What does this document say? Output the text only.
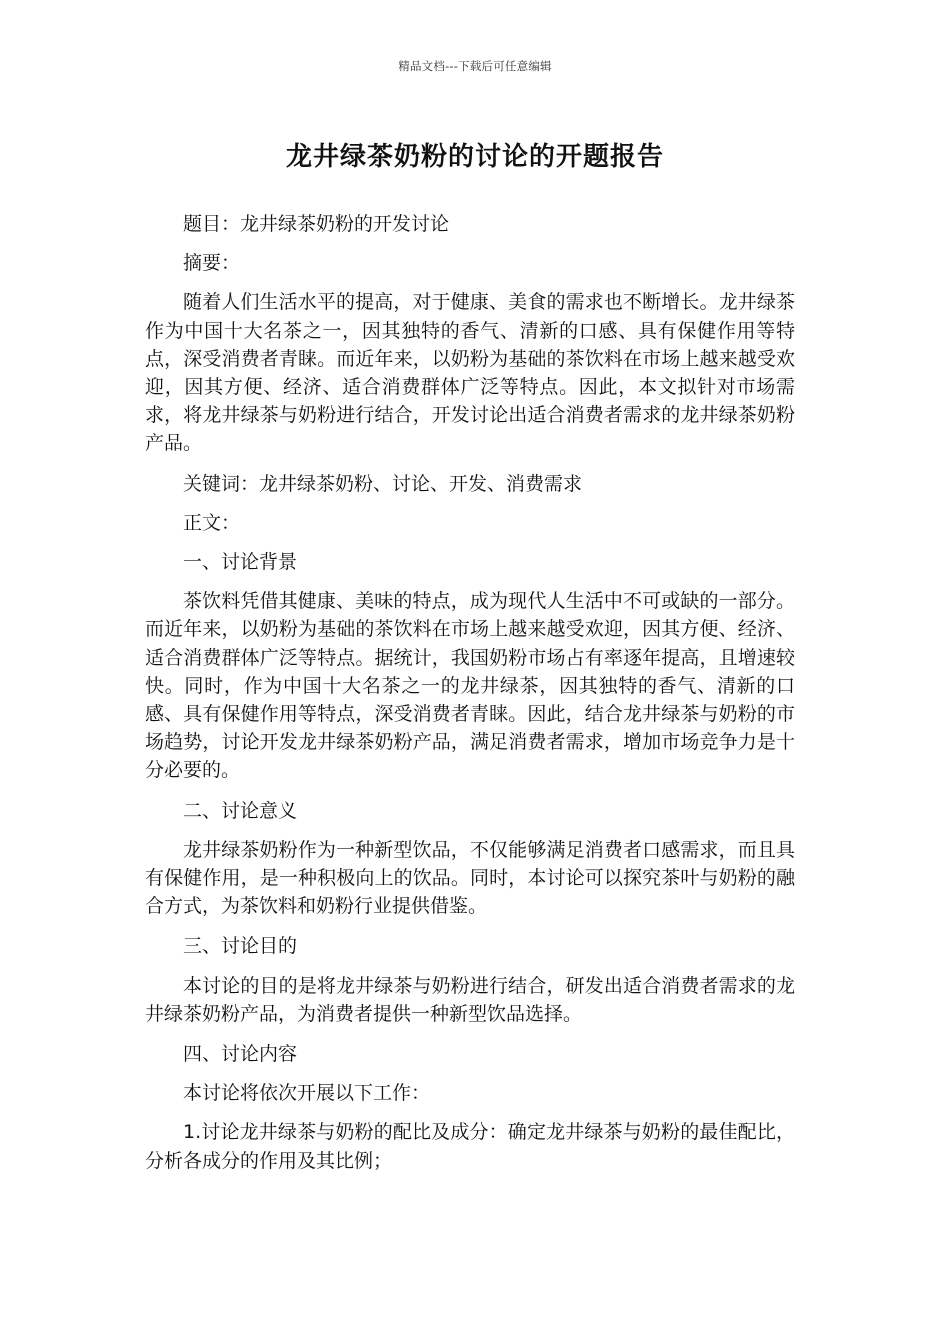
精品文档---下载后可任意编辑
龙井绿茶奶粉的讨论的开题报告

题目：龙井绿茶奶粉的开发讨论

摘要：

随着人们生活水平的提高，对于健康、美食的需求也不断增长。龙井绿茶作为中国十大名茶之一，因其独特的香气、清新的口感、具有保健作用等特点，深受消费者青睐。而近年来，以奶粉为基础的茶饮料在市场上越来越受欢迎，因其方便、经济、适合消费群体广泛等特点。因此，本文拟针对市场需求，将龙井绿茶与奶粉进行结合，开发讨论出适合消费者需求的龙井绿茶奶粉产品。

关键词：龙井绿茶奶粉、讨论、开发、消费需求

正文：

一、讨论背景

茶饮料凭借其健康、美味的特点，成为现代人生活中不可或缺的一部分。而近年来，以奶粉为基础的茶饮料在市场上越来越受欢迎，因其方便、经济、适合消费群体广泛等特点。据统计，我国奶粉市场占有率逐年提高，且增速较快。同时，作为中国十大名茶之一的龙井绿茶，因其独特的香气、清新的口感、具有保健作用等特点，深受消费者青睐。因此，结合龙井绿茶与奶粉的市场趋势，讨论开发龙井绿茶奶粉产品，满足消费者需求，增加市场竞争力是十分必要的。

二、讨论意义

龙井绿茶奶粉作为一种新型饮品，不仅能够满足消费者口感需求，而且具有保健作用，是一种积极向上的饮品。同时，本讨论可以探究茶叶与奶粉的融合方式，为茶饮料和奶粉行业提供借鉴。

三、讨论目的

本讨论的目的是将龙井绿茶与奶粉进行结合，研发出适合消费者需求的龙井绿茶奶粉产品，为消费者提供一种新型饮品选择。

四、讨论内容

本讨论将依次开展以下工作：

1.讨论龙井绿茶与奶粉的配比及成分：确定龙井绿茶与奶粉的最佳配比，分析各成分的作用及其比例；
